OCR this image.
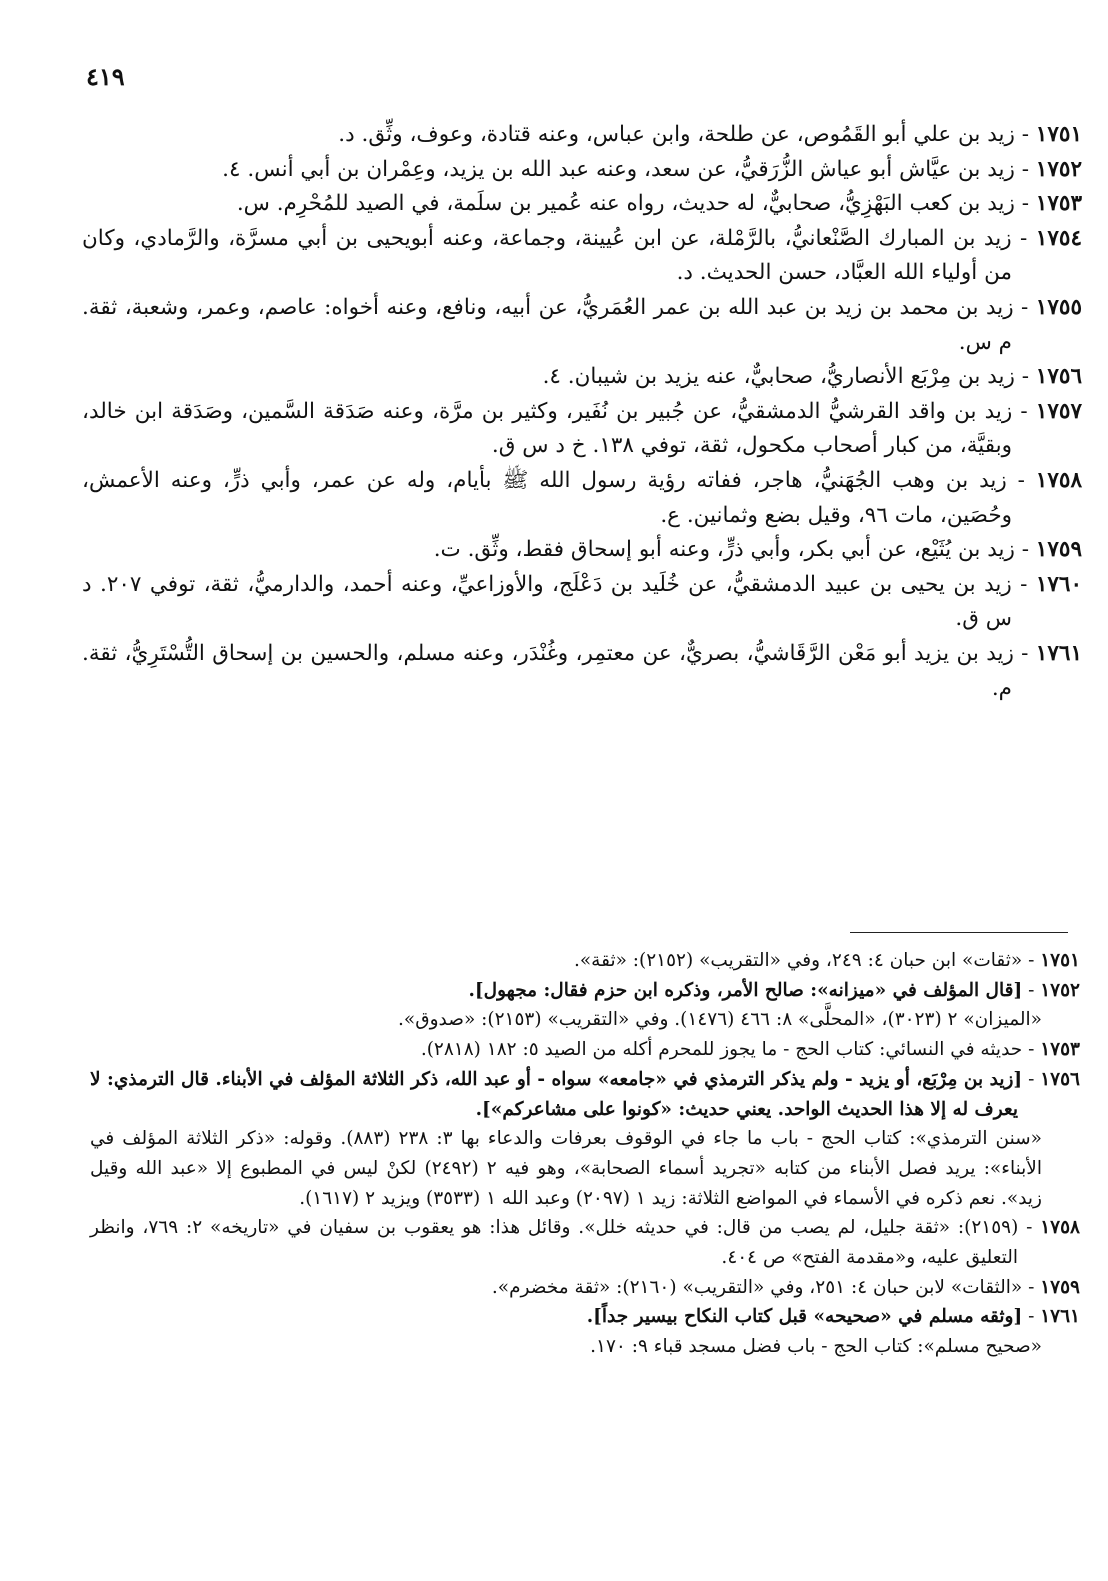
٤١٩

١٧٥١ - زيد بن علي أبو القَمُوص، عن طلحة، وابن عباس، وعنه قتادة، وعوف، وثِّق. د.

١٧٥٢ - زيد بن عيَّاش أبو عياش الزُّرَقيُّ، عن سعد، وعنه عبد الله بن يزيد، وعِمْران بن أبي أنس. ٤.

١٧٥٣ - زيد بن كعب البَهْزِيُّ، صحابيٌّ، له حديث، رواه عنه عُمير بن سلَمة، في الصيد للمُحْرِم. س.

١٧٥٤ - زيد بن المبارك الصَّنْعانيُّ، بالرَّمْلة، عن ابن عُيينة، وجماعة، وعنه أبويحيى بن أبي مسرَّة، والرَّمادي، وكان من أولياء الله العبَّاد، حسن الحديث. د.

١٧٥٥ - زيد بن محمد بن زيد بن عبد الله بن عمر العُمَريُّ، عن أبيه، ونافع، وعنه أخواه: عاصم، وعمر، وشعبة، ثقة. م س.

١٧٥٦ - زيد بن مِرْبَع الأنصاريُّ، صحابيٌّ، عنه يزيد بن شيبان. ٤.

١٧٥٧ - زيد بن واقد القرشيُّ الدمشقيُّ، عن جُبير بن نُفَير، وكثير بن مرَّة، وعنه صَدَقة السَّمين، وصَدَقة ابن خالد، وبقيَّة، من كبار أصحاب مكحول، ثقة، توفي ١٣٨. خ د س ق.

١٧٥٨ - زيد بن وهب الجُهَنيُّ، هاجر، ففاته رؤية رسول الله ﷺ بأيام، وله عن عمر، وأبي ذرٍّ، وعنه الأعمش، وحُصَين، مات ٩٦، وقيل بضع وثمانين. ع.

١٧٥٩ - زيد بن يُثَيْع، عن أبي بكر، وأبي ذرٍّ، وعنه أبو إسحاق فقط، وثِّق. ت.

١٧٦٠ - زيد بن يحيى بن عبيد الدمشقيُّ، عن خُلَيد بن دَعْلَج، والأوزاعيِّ، وعنه أحمد، والدارميُّ، ثقة، توفي ٢٠٧. د س ق.

١٧٦١ - زيد بن يزيد أبو مَعْن الرَّقَاشيُّ، بصريٌّ، عن معتمِر، وغُنْدَر، وعنه مسلم، والحسين بن إسحاق التُّسْتَرِيُّ، ثقة. م.

١٧٥١ - «ثقات» ابن حبان ٤: ٢٤٩، وفي «التقريب» (٢١٥٢): «ثقة».

١٧٥٢ - [قال المؤلف في «ميزانه»: صالح الأمر، وذكره ابن حزم فقال: مجهول].

«الميزان» ٢ (٣٠٢٣)، «المحلَّى» ٨: ٤٦٦ (١٤٧٦). وفي «التقريب» (٢١٥٣): «صدوق».

١٧٥٣ - حديثه في النسائي: كتاب الحج - ما يجوز للمحرم أكله من الصيد ٥: ١٨٢ (٢٨١٨).

١٧٥٦ - [زيد بن مِرْبَع، أو يزيد - ولم يذكر الترمذي في «جامعه» سواه - أو عبد الله، ذكر الثلاثة المؤلف في الأبناء. قال الترمذي: لا يعرف له إلا هذا الحديث الواحد. يعني حديث: «كونوا على مشاعركم»].

«سنن الترمذي»: كتاب الحج - باب ما جاء في الوقوف بعرفات والدعاء بها ٣: ٢٣٨ (٨٨٣). وقوله: «ذكر الثلاثة المؤلف في الأبناء»: يريد فصل الأبناء من كتابه «تجريد أسماء الصحابة»، وهو فيه ٢ (٢٤٩٢) لكنْ ليس في المطبوع إلا «عبد الله وقيل زيد». نعم ذكره في الأسماء في المواضع الثلاثة: زيد ١ (٢٠٩٧) وعبد الله ١ (٣٥٣٣) ويزيد ٢ (١٦١٧).

١٧٥٨ - (٢١٥٩): «ثقة جليل، لم يصب من قال: في حديثه خلل». وقائل هذا: هو يعقوب بن سفيان في «تاريخه» ٢: ٧٦٩، وانظر التعليق عليه، و«مقدمة الفتح» ص ٤٠٤.

١٧٥٩ - «الثقات» لابن حبان ٤: ٢٥١، وفي «التقريب» (٢١٦٠): «ثقة مخضرم».

١٧٦١ - [وثقه مسلم في «صحيحه» قبل كتاب النكاح بيسير جداً].

«صحيح مسلم»: كتاب الحج - باب فضل مسجد قباء ٩: ١٧٠.
